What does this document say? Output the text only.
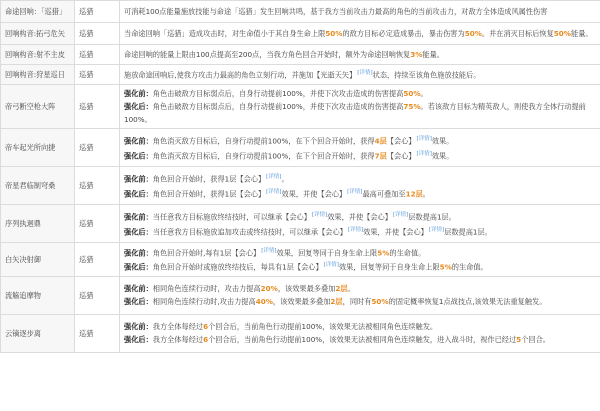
命途回响：「巡猎」	巡猎	可消耗100点能量施放技能与命途「巡猎」发生回响共鸣，基于我方当前攻击力最高的角色的当前攻击力，对敌方全体造成风属性伤害

回响构音:拓弓危矢	巡猎	当命途回响「巡猎」造成攻击时，对生命值小于其自身生命上限50%的敌方目标必定造成暴击，暴击伤害为50%。并在消灭目标后恢复50%能量。

回响构音:射不主皮	巡猎	命途回响的能量上限由100点提高至200点，当我方角色回合开始时，额外为命途回响恢复3%能量。

回响构音:狩星巡日	巡猎	施放命途回响后,使我方攻击力最高的角色立刻行动，并施加【光逝天矢】[详情]状态，持续至该角色施放技能后。

帝弓断空枪大阵	巡猎	强化前：角色击破敌方目标弱点后，自身行动提前100%，并使下次攻击造成的伤害提高50%。
强化后：角色击破敌方目标弱点后，自身行动提前100%，并使下次攻击造成的伤害提高75%。若该敌方目标为精英敌人，则使我方全体行动提前100%。

帝车起光所向捷	巡猎	强化前：角色消灭敌方目标后，自身行动提前100%，在下个回合开始时，获得4层【会心】[详情]效果。
强化后：角色消灭敌方目标后，自身行动提前100%，在下个回合开始时，获得7层【会心】[详情]效果。

帝星君临制穹桑	巡猎	强化前：角色回合开始时，获得1层【会心】[详情]。
强化后：角色回合开始时，获得1层【会心】[详情]效果，并使【会心】[详情]最高可叠加至12层。

序列执迴鼎	巡猎	强化前：当任意我方目标施放终结技时，可以继承【会心】[详情]效果，并使【会心】[详情]层数提高1层。
强化后：当任意我方目标施放追加攻击或终结技时，可以继承【会心】[详情]效果，并使【会心】[详情]层数提高1层。

白矢决射御	巡猎	强化前：角色回合开始时,每有1层【会心】[详情]效果，回复等同于自身生命上限5%的生命值。
强化后：角色回合开始时或施放终结技后，每具有1层【会心】[详情]效果，回复等同于自身生命上限5%的生命值。

流觞追摩物	巡猎	强化前：相同角色连续行动时，攻击力提高20%，该效果最多叠加2层。
强化后：相同角色连续行动时,攻击力提高40%，该效果最多叠加2层，同时有50%的固定概率恢复1点战技点,该效果无法重复触发。

云镝逐步离	巡猎	强化前：我方全体每经过6个回合后，当前角色行动提前100%，该效果无法被相同角色连续触发。
强化后：我方全体每经过6个回合后，当前角色行动提前100%，该效果无法被相同角色连续触发，进入战斗时，视作已经过5个回合。
